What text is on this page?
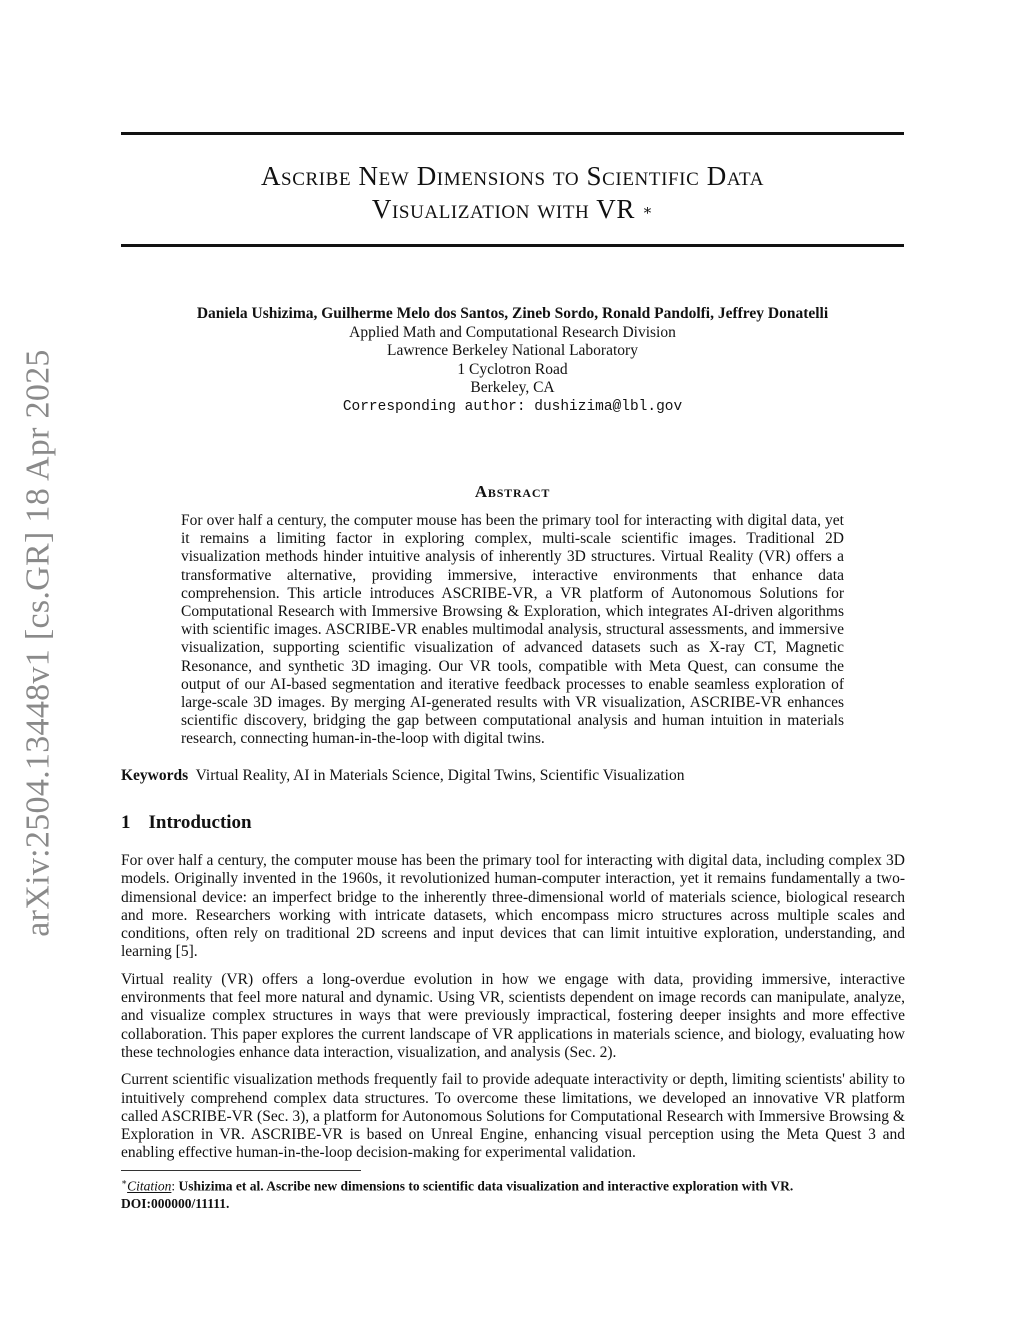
arXiv:2504.13448v1 [cs.GR] 18 Apr 2025
Ascribe New Dimensions to Scientific Data
Visualization with VR ∗
Daniela Ushizima, Guilherme Melo dos Santos, Zineb Sordo, Ronald Pandolfi, Jeffrey Donatelli
Applied Math and Computational Research Division
Lawrence Berkeley National Laboratory
1 Cyclotron Road
Berkeley, CA
Corresponding author: dushizima@lbl.gov
Abstract
For over half a century, the computer mouse has been the primary tool for interacting with digital data, yet it remains a limiting factor in exploring complex, multi-scale scientific images. Traditional 2D visualization methods hinder intuitive analysis of inherently 3D structures. Virtual Reality (VR) offers a transformative alternative, providing immersive, interactive environments that enhance data comprehension. This article introduces ASCRIBE-VR, a VR platform of Autonomous Solutions for Computational Research with Immersive Browsing & Exploration, which integrates AI-driven algorithms with scientific images. ASCRIBE-VR enables multimodal analysis, structural assessments, and immersive visualization, supporting scientific visualization of advanced datasets such as X-ray CT, Magnetic Resonance, and synthetic 3D imaging. Our VR tools, compatible with Meta Quest, can consume the output of our AI-based segmentation and iterative feedback processes to enable seamless exploration of large-scale 3D images. By merging AI-generated results with VR visualization, ASCRIBE-VR enhances scientific discovery, bridging the gap between computational analysis and human intuition in materials research, connecting human-in-the-loop with digital twins.
Keywords Virtual Reality, AI in Materials Science, Digital Twins, Scientific Visualization
1 Introduction

For over half a century, the computer mouse has been the primary tool for interacting with digital data, including complex 3D models. Originally invented in the 1960s, it revolutionized human-computer interaction, yet it remains fundamentally a two-dimensional device: an imperfect bridge to the inherently three-dimensional world of materials science, biological research and more. Researchers working with intricate datasets, which encompass micro structures across multiple scales and conditions, often rely on traditional 2D screens and input devices that can limit intuitive exploration, understanding, and learning [5].

Virtual reality (VR) offers a long-overdue evolution in how we engage with data, providing immersive, interactive environments that feel more natural and dynamic. Using VR, scientists dependent on image records can manipulate, analyze, and visualize complex structures in ways that were previously impractical, fostering deeper insights and more effective collaboration. This paper explores the current landscape of VR applications in materials science, and biology, evaluating how these technologies enhance data interaction, visualization, and analysis (Sec. 2).

Current scientific visualization methods frequently fail to provide adequate interactivity or depth, limiting scientists' ability to intuitively comprehend complex data structures. To overcome these limitations, we developed an innovative VR platform called ASCRIBE-VR (Sec. 3), a platform for Autonomous Solutions for Computational Research with Immersive Browsing & Exploration in VR. ASCRIBE-VR is based on Unreal Engine, enhancing visual perception using the Meta Quest 3 and enabling effective human-in-the-loop decision-making for experimental validation.

∗Citation: Ushizima et al. Ascribe new dimensions to scientific data visualization and interactive exploration with VR. DOI:000000/11111.
